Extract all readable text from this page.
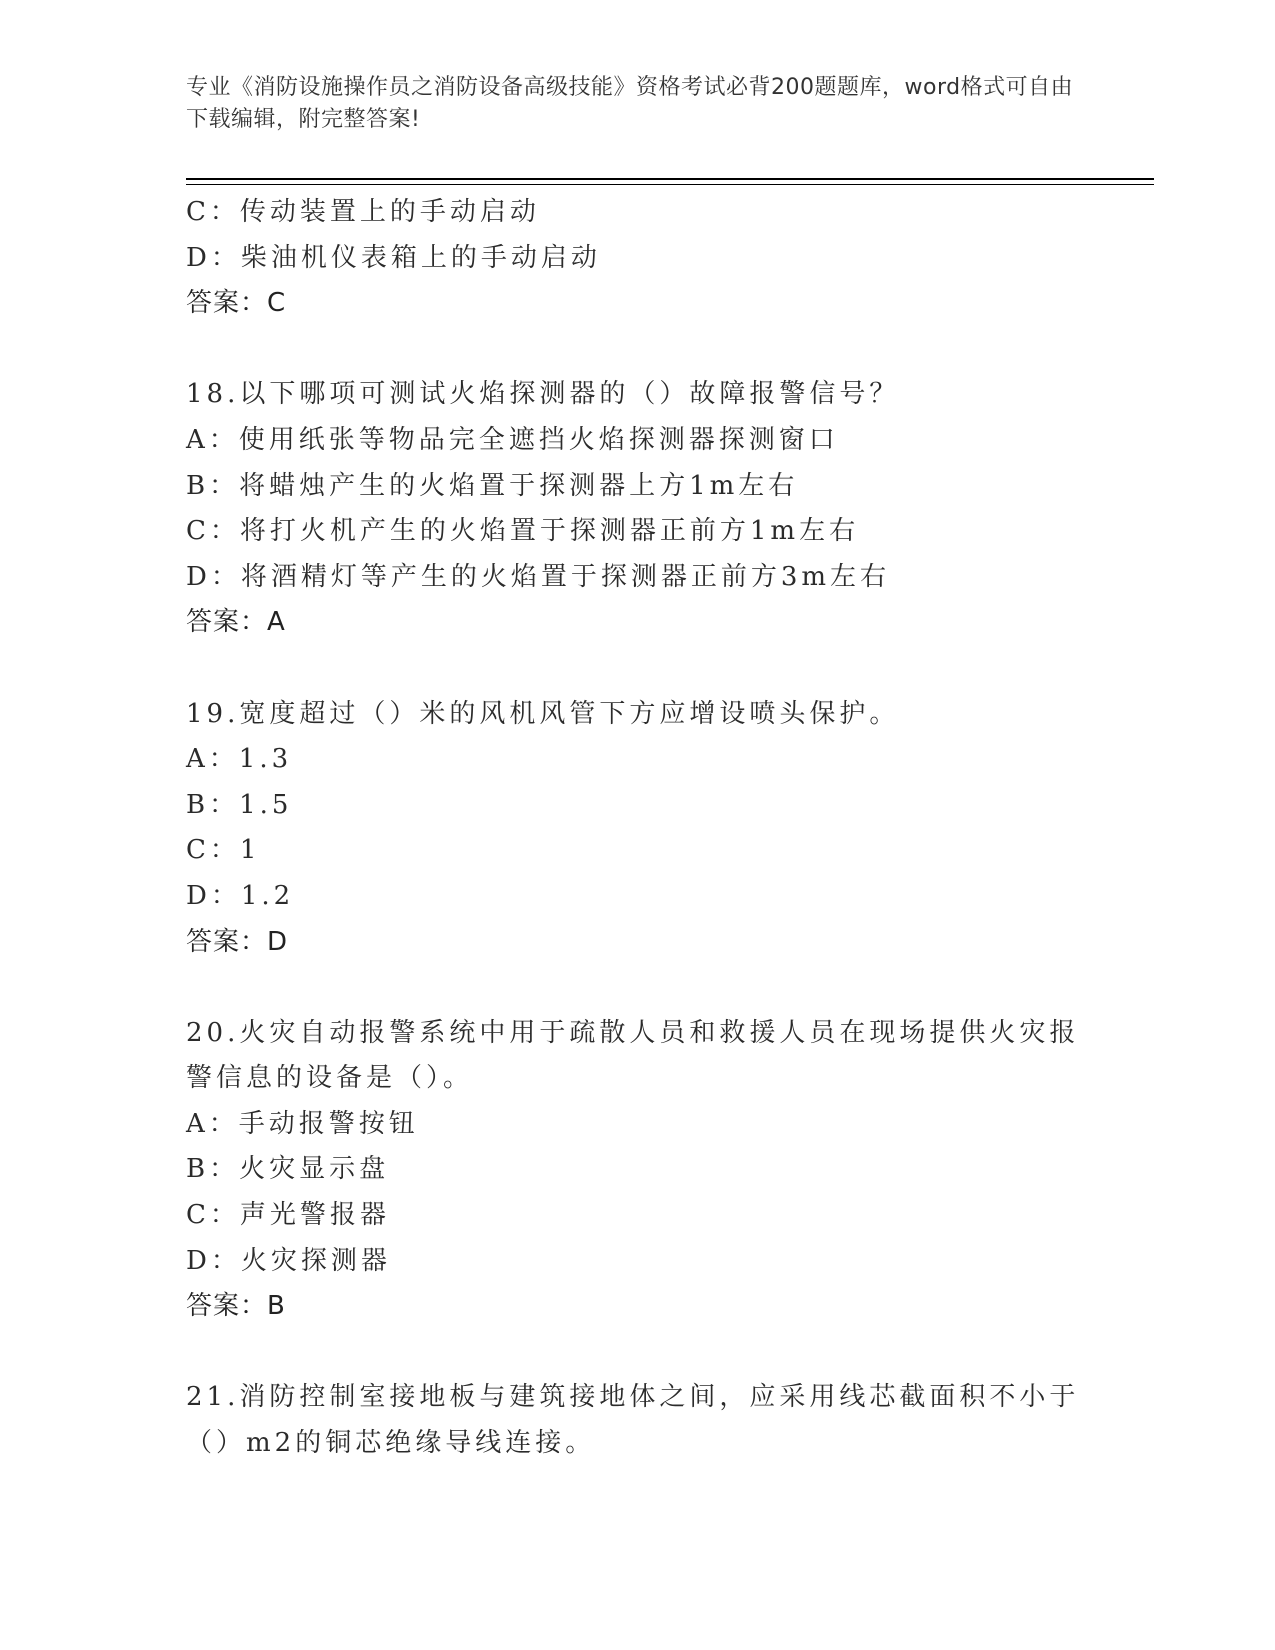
专业《消防设施操作员之消防设备高级技能》资格考试必背200题题库，word格式可自由下载编辑，附完整答案!
C：传动装置上的手动启动
D：柴油机仪表箱上的手动启动
答案：C
18.以下哪项可测试火焰探测器的（）故障报警信号？
A：使用纸张等物品完全遮挡火焰探测器探测窗口
B：将蜡烛产生的火焰置于探测器上方1m左右
C：将打火机产生的火焰置于探测器正前方1m左右
D：将酒精灯等产生的火焰置于探测器正前方3m左右
答案：A
19.宽度超过（）米的风机风管下方应增设喷头保护。
A：1.3
B：1.5
C：1
D：1.2
答案：D
20.火灾自动报警系统中用于疏散人员和救援人员在现场提供火灾报警信息的设备是（）。
A：手动报警按钮
B：火灾显示盘
C：声光警报器
D：火灾探测器
答案：B
21.消防控制室接地板与建筑接地体之间，应采用线芯截面积不小于（）m2的铜芯绝缘导线连接。
